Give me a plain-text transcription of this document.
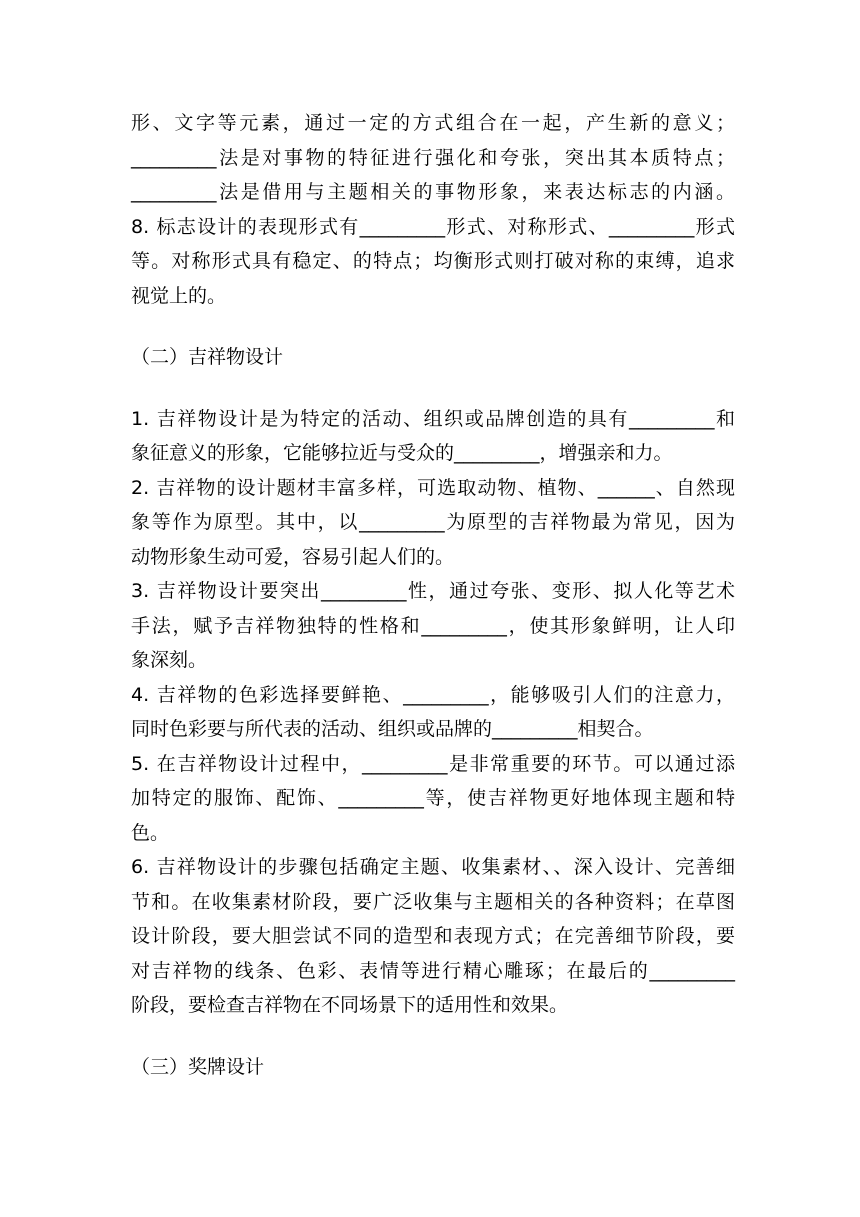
形、文字等元素，通过一定的方式组合在一起，产生新的意义；
_________法是对事物的特征进行强化和夸张，突出其本质特点；
_________法是借用与主题相关的事物形象，来表达标志的内涵。
8. 标志设计的表现形式有_________形式、对称形式、_________形式
等。对称形式具有稳定、的特点；均衡形式则打破对称的束缚，追求
视觉上的。
（二）吉祥物设计
1. 吉祥物设计是为特定的活动、组织或品牌创造的具有_________和
象征意义的形象，它能够拉近与受众的_________，增强亲和力。
2. 吉祥物的设计题材丰富多样，可选取动物、植物、______、自然现
象等作为原型。其中，以_________为原型的吉祥物最为常见，因为
动物形象生动可爱，容易引起人们的。
3. 吉祥物设计要突出_________性，通过夸张、变形、拟人化等艺术
手法，赋予吉祥物独特的性格和_________，使其形象鲜明，让人印
象深刻。
4. 吉祥物的色彩选择要鲜艳、_________，能够吸引人们的注意力，
同时色彩要与所代表的活动、组织或品牌的_________相契合。
5. 在吉祥物设计过程中，_________是非常重要的环节。可以通过添
加特定的服饰、配饰、_________等，使吉祥物更好地体现主题和特
色。
6. 吉祥物设计的步骤包括确定主题、收集素材、、深入设计、完善细
节和。在收集素材阶段，要广泛收集与主题相关的各种资料；在草图
设计阶段，要大胆尝试不同的造型和表现方式；在完善细节阶段，要
对吉祥物的线条、色彩、表情等进行精心雕琢；在最后的_________
阶段，要检查吉祥物在不同场景下的适用性和效果。
（三）奖牌设计
